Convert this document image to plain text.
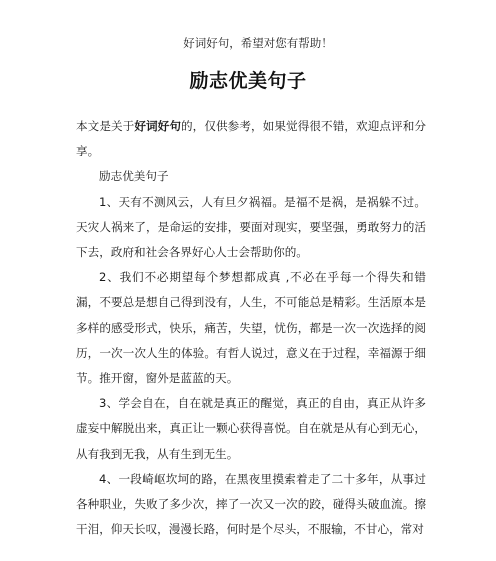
好词好句，希望对您有帮助！
励志优美句子

本文是关于好词好句的，仅供参考，如果觉得很不错，欢迎点评和分享。

励志优美句子

1、天有不测风云，人有旦夕祸福。是福不是祸，是祸躲不过。天灾人祸来了，是命运的安排，要面对现实，要坚强，勇敢努力的活下去，政府和社会各界好心人士会帮助你的。

2、我们不必期望每个梦想都成真 ,不必在乎每一个得失和错漏，不要总是想自己得到没有，人生，不可能总是精彩。生活原本是多样的感受形式，快乐，痛苦，失望，忧伤，都是一次一次选择的阅历，一次一次人生的体验。有哲人说过，意义在于过程，幸福源于细节。推开窗，窗外是蓝蓝的天。

3、学会自在，自在就是真正的醒觉，真正的自由，真正从许多虚妄中解脱出来，真正让一颗心获得喜悦。自在就是从有心到无心，从有我到无我，从有生到无生。

4、一段崎岖坎坷的路，在黑夜里摸索着走了二十多年，从事过各种职业，失败了多少次，摔了一次又一次的跤，碰得头破血流。擦干泪，仰天长叹，漫漫长路，何时是个尽头，不服输，不甘心，常对
